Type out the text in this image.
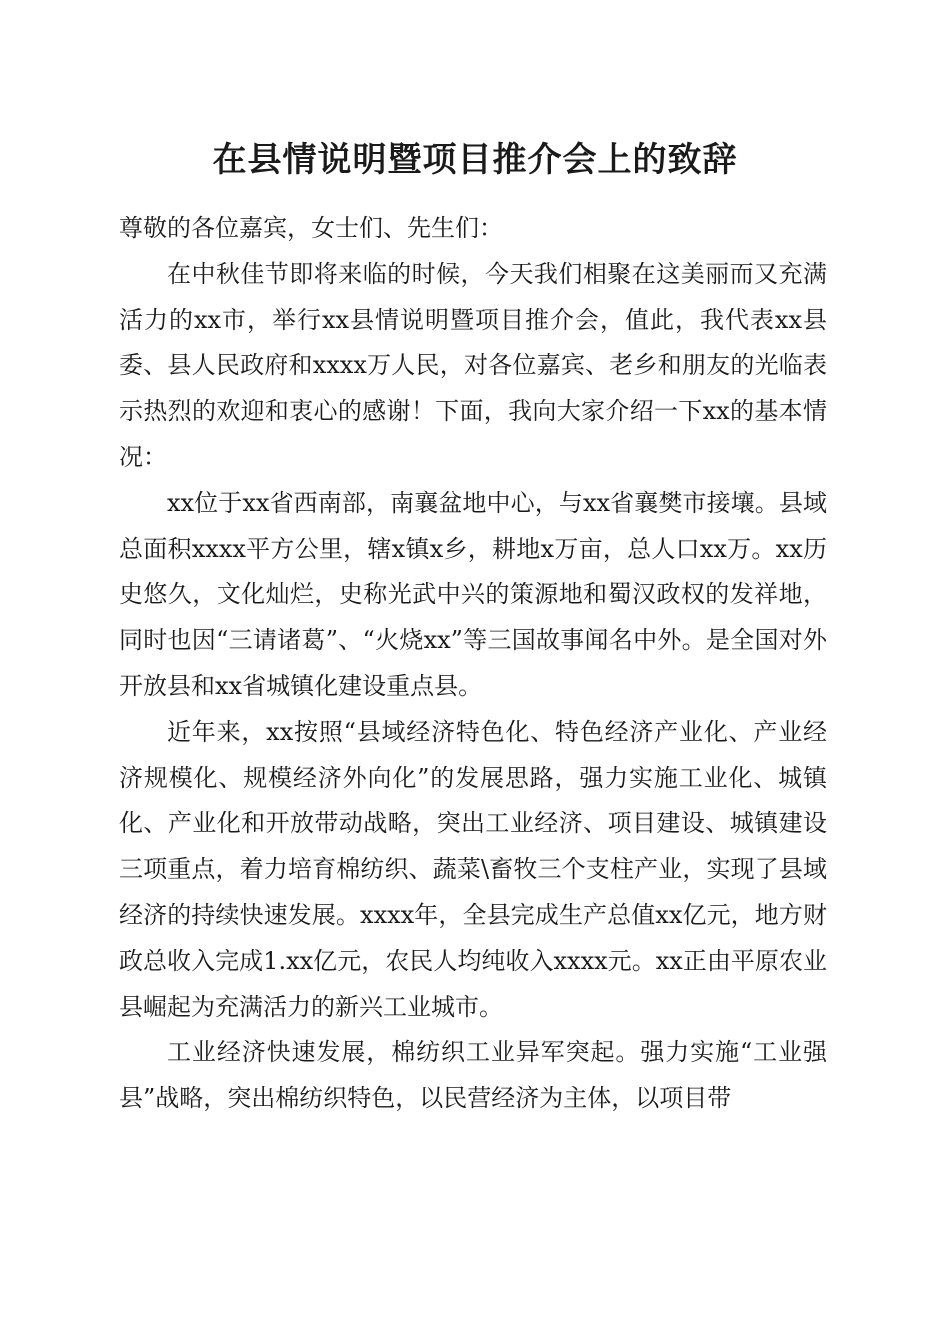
在县情说明暨项目推介会上的致辞

尊敬的各位嘉宾，女士们、先生们：

在中秋佳节即将来临的时候，今天我们相聚在这美丽而又充满活力的xx市，举行xx县情说明暨项目推介会，值此，我代表xx县委、县人民政府和xxxx万人民，对各位嘉宾、老乡和朋友的光临表示热烈的欢迎和衷心的感谢！下面，我向大家介绍一下xx的基本情况：

xx位于xx省西南部，南襄盆地中心，与xx省襄樊市接壤。县域总面积xxxx平方公里，辖x镇x乡，耕地x万亩，总人口xx万。xx历史悠久，文化灿烂，史称光武中兴的策源地和蜀汉政权的发祥地，同时也因“三请诸葛”、“火烧xx”等三国故事闻名中外。是全国对外开放县和xx省城镇化建设重点县。

近年来，xx按照“县域经济特色化、特色经济产业化、产业经济规模化、规模经济外向化”的发展思路，强力实施工业化、城镇化、产业化和开放带动战略，突出工业经济、项目建设、城镇建设三项重点，着力培育棉纺织、蔬菜\畜牧三个支柱产业，实现了县域经济的持续快速发展。xxxx年，全县完成生产总值xx亿元，地方财政总收入完成1.xx亿元，农民人均纯收入xxxx元。xx正由平原农业县崛起为充满活力的新兴工业城市。

工业经济快速发展，棉纺织工业异军突起。强力实施“工业强县”战略，突出棉纺织特色，以民营经济为主体，以项目带
